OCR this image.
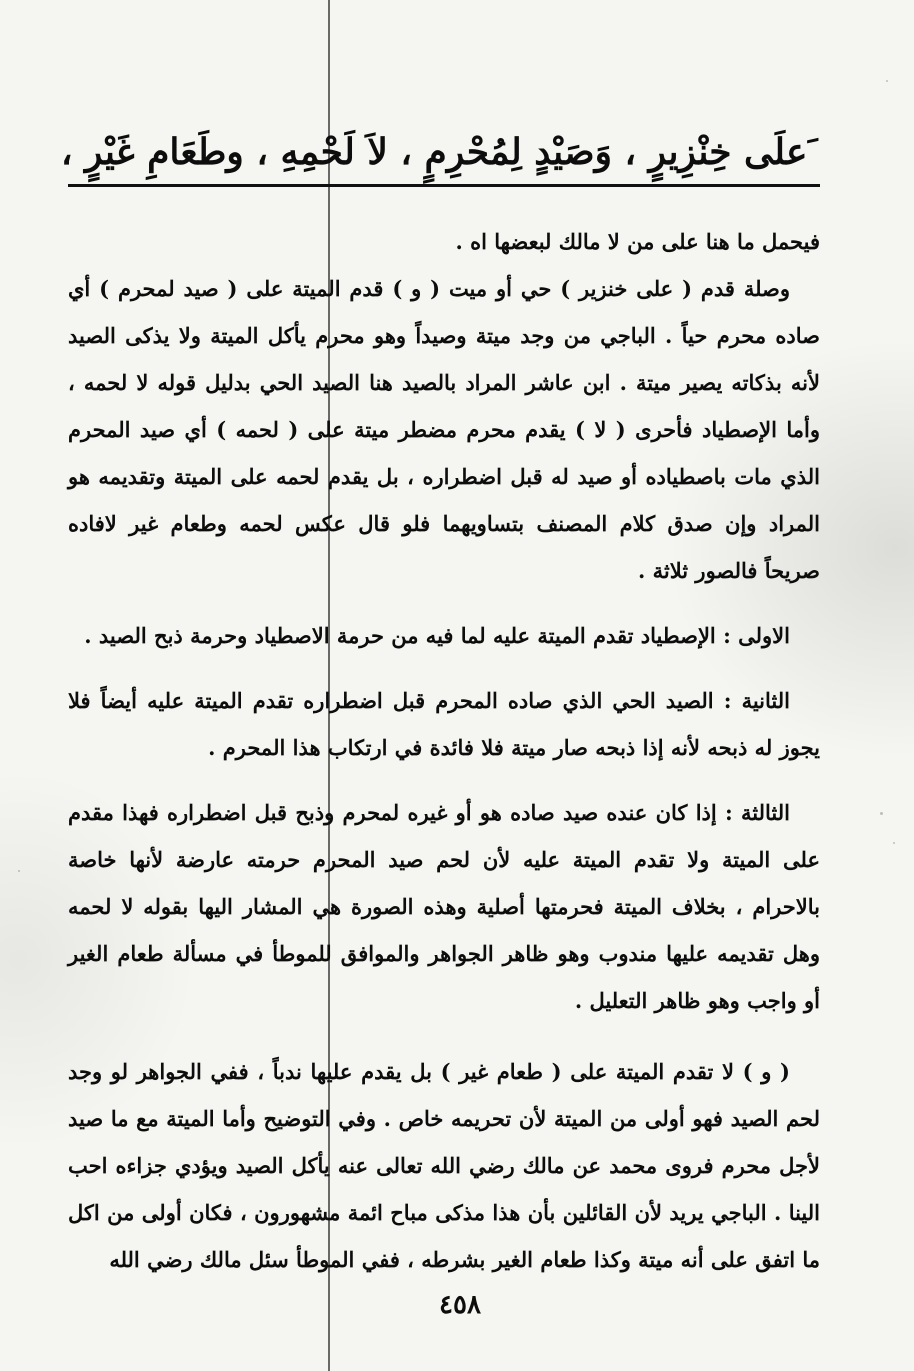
ﹶعلَى خِنْزِيرٍ ، وَصَيْدٍ لِمُحْرِمٍ ، لاَ لَحْمِهِ ، وطَعَامِ غَيْرٍ ،

فيحمل ما هنا على من لا مالك لبعضها اه .

وصلة قدم ( على خنزير ) حي أو ميت ( و ) قدم الميتة على ( صيد لمحرم ) أي صاده محرم حياً . الباجي من وجد ميتة وصيداً وهو محرم يأكل الميتة ولا يذكى الصيد لأنه بذكاته يصير ميتة . ابن عاشر المراد بالصيد هنا الصيد الحي بدليل قوله لا لحمه ، وأما الإصطياد فأحرى ( لا ) يقدم محرم مضطر ميتة على ( لحمه ) أي صيد المحرم الذي مات باصطياده أو صيد له قبل اضطراره ، بل يقدم لحمه على الميتة وتقديمه هو المراد وإن صدق كلام المصنف بتساويهما فلو قال عكس لحمه وطعام غير لافاده صريحاً فالصور ثلاثة .

الاولى : الإصطياد تقدم الميتة عليه لما فيه من حرمة الاصطياد وحرمة ذبح الصيد .

الثانية : الصيد الحي الذي صاده المحرم قبل اضطراره تقدم الميتة عليه أيضاً فلا يجوز له ذبحه لأنه إذا ذبحه صار ميتة فلا فائدة في ارتكاب هذا المحرم .

الثالثة : إذا كان عنده صيد صاده هو أو غيره لمحرم وذبح قبل اضطراره فهذا مقدم على الميتة ولا تقدم الميتة عليه لأن لحم صيد المحرم حرمته عارضة لأنها خاصة بالاحرام ، بخلاف الميتة فحرمتها أصلية وهذه الصورة هي المشار اليها بقوله لا لحمه وهل تقديمه عليها مندوب وهو ظاهر الجواهر والموافق للموطأ في مسألة طعام الغير أو واجب وهو ظاهر التعليل .

( و ) لا تقدم الميتة على ( طعام غير ) بل يقدم عليها ندباً ، ففي الجواهر لو وجد لحم الصيد فهو أولى من الميتة لأن تحريمه خاص . وفي التوضيح وأما الميتة مع ما صيد لأجل محرم فروى محمد عن مالك رضي الله تعالى عنه يأكل الصيد ويؤدي جزاءه احب الينا . الباجي يريد لأن القائلين بأن هذا مذكى مباح ائمة مشهورون ، فكان أولى من اكل ما اتفق على أنه ميتة وكذا طعام الغير بشرطه ، ففي الموطأ سئل مالك رضي الله

٤٥٨
